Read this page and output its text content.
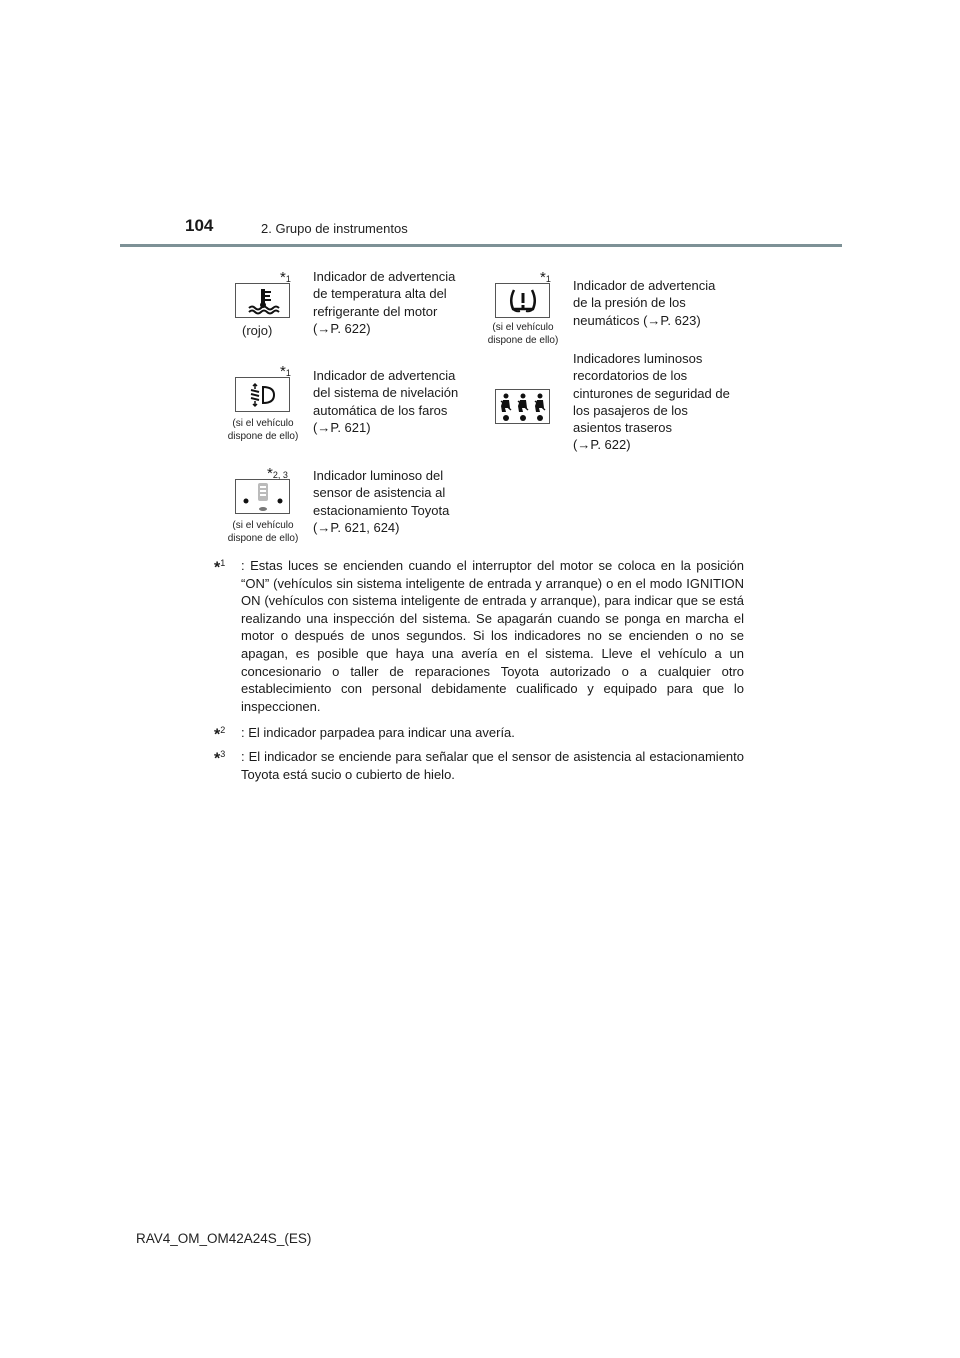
104	2. Grupo de instrumentos
*1
(rojo)
Indicador de advertencia
de temperatura alta del
refrigerante del motor
(→P. 622)
*1
(si el vehículo
dispone de ello)
Indicador de advertencia
de la presión de los
neumáticos (→P. 623)
*1
(si el vehículo
dispone de ello)
Indicador de advertencia
del sistema de nivelación
automática de los faros
(→P. 621)
Indicadores luminosos
recordatorios de los
cinturones de seguridad de
los pasajeros de los
asientos traseros
(→P. 622)
*2, 3
(si el vehículo
dispone de ello)
Indicador luminoso del
sensor de asistencia al
estacionamiento Toyota
(→P. 621, 624)
*$^1$ : Estas luces se encienden cuando el interruptor del motor se coloca en la posición “ON” (vehículos sin sistema inteligente de entrada y arranque) o en el modo IGNITION ON (vehículos con sistema inteligente de entrada y arranque), para indicar que se está realizando una inspección del sistema. Se apagarán cuando se ponga en marcha el motor o después de unos segundos. Si los indicadores no se encienden o no se apagan, es posible que haya una avería en el sistema. Lleve el vehículo a un concesionario o taller de reparaciones Toyota autorizado o a cualquier otro establecimiento con personal debidamente cualificado y equipado para que lo inspeccionen.
*$^2$ : El indicador parpadea para indicar una avería.
*$^3$ : El indicador se enciende para señalar que el sensor de asistencia al estacionamiento Toyota está sucio o cubierto de hielo.
RAV4_OM_OM42A24S_(ES)
